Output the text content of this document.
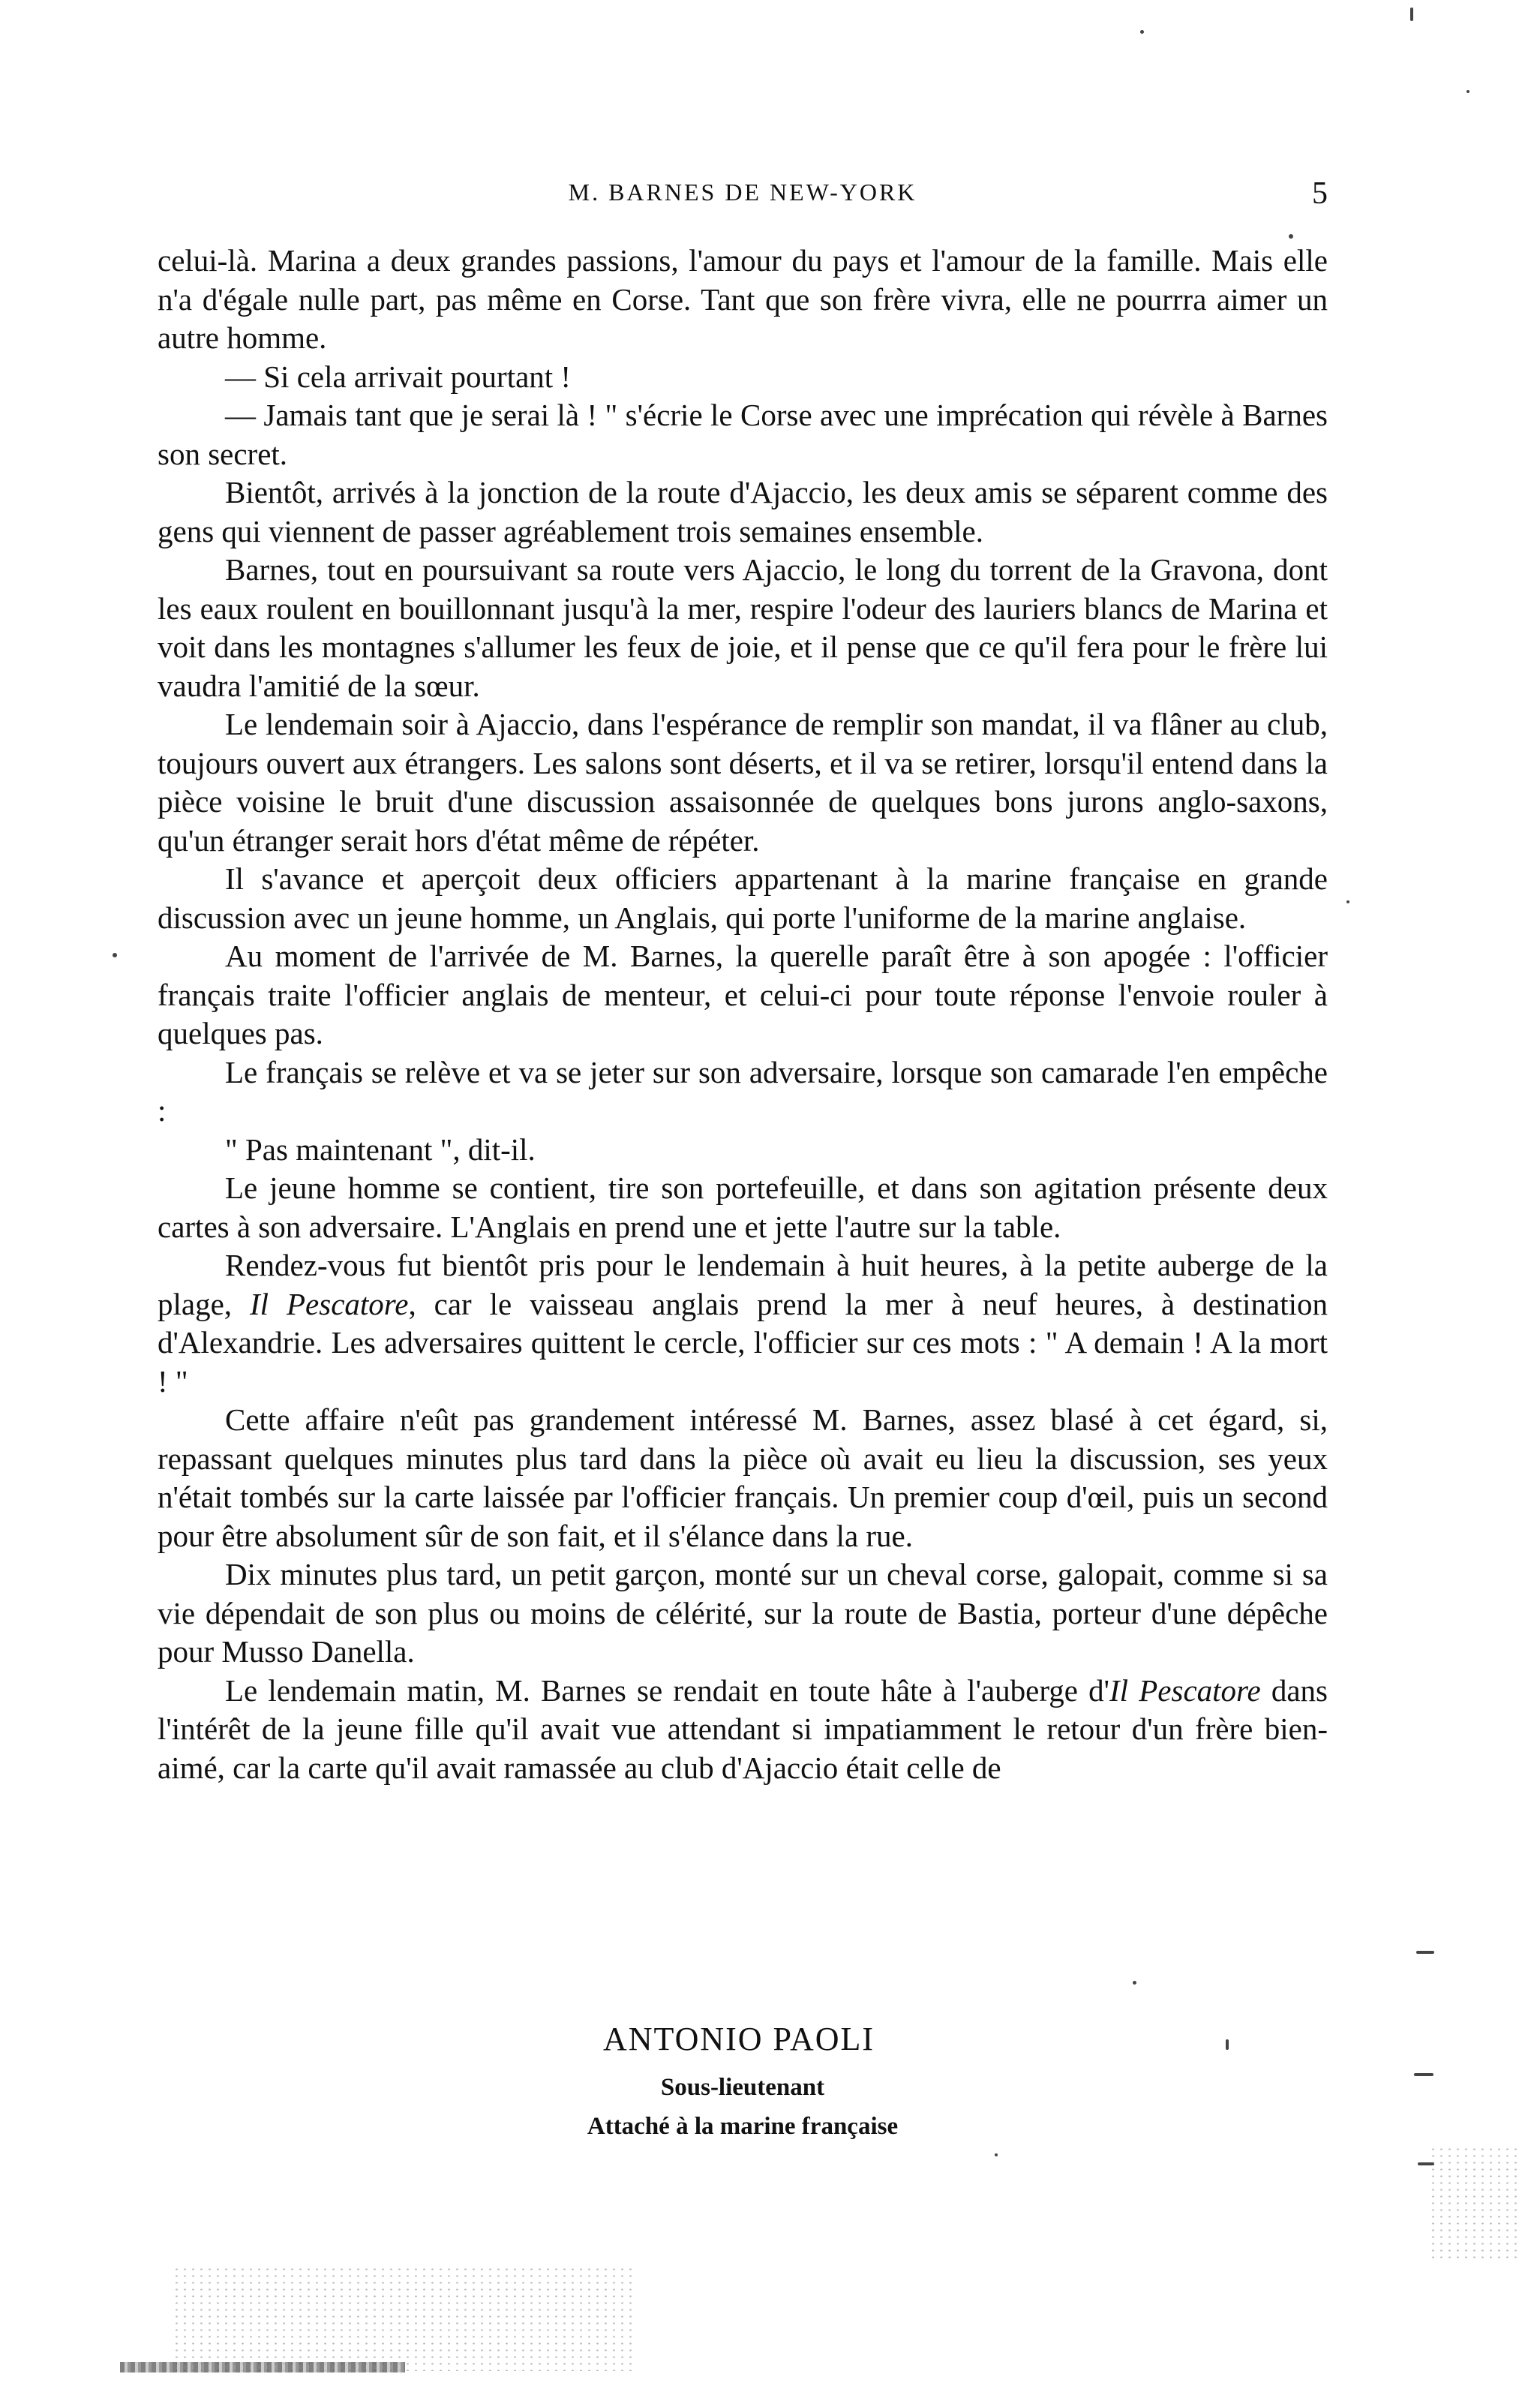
M. BARNES DE NEW-YORK	5

celui-là. Marina a deux grandes passions, l'amour du pays et l'amour de la famille. Mais elle n'a d'égale nulle part, pas même en Corse. Tant que son frère vivra, elle ne pourrra aimer un autre homme.

— Si cela arrivait pourtant !

— Jamais tant que je serai là ! " s'écrie le Corse avec une imprécation qui révèle à Barnes son secret.

Bientôt, arrivés à la jonction de la route d'Ajaccio, les deux amis se séparent comme des gens qui viennent de passer agréablement trois semaines ensemble.

Barnes, tout en poursuivant sa route vers Ajaccio, le long du torrent de la Gravona, dont les eaux roulent en bouillonnant jusqu'à la mer, respire l'odeur des lauriers blancs de Marina et voit dans les montagnes s'allumer les feux de joie, et il pense que ce qu'il fera pour le frère lui vaudra l'amitié de la sœur.

Le lendemain soir à Ajaccio, dans l'espérance de remplir son mandat, il va flâner au club, toujours ouvert aux étrangers. Les salons sont déserts, et il va se retirer, lorsqu'il entend dans la pièce voisine le bruit d'une discussion assaisonnée de quelques bons jurons anglo-saxons, qu'un étranger serait hors d'état même de répéter.

Il s'avance et aperçoit deux officiers appartenant à la marine française en grande discussion avec un jeune homme, un Anglais, qui porte l'uniforme de la marine anglaise.

Au moment de l'arrivée de M. Barnes, la querelle paraît être à son apogée : l'officier français traite l'officier anglais de menteur, et celui-ci pour toute réponse l'envoie rouler à quelques pas.

Le français se relève et va se jeter sur son adversaire, lorsque son camarade l'en empêche :

" Pas maintenant ", dit-il.

Le jeune homme se contient, tire son portefeuille, et dans son agitation présente deux cartes à son adversaire. L'Anglais en prend une et jette l'autre sur la table.

Rendez-vous fut bientôt pris pour le lendemain à huit heures, à la petite auberge de la plage, Il Pescatore, car le vaisseau anglais prend la mer à neuf heures, à destination d'Alexandrie. Les adversaires quittent le cercle, l'officier sur ces mots : " A demain ! A la mort ! "

Cette affaire n'eût pas grandement intéressé M. Barnes, assez blasé à cet égard, si, repassant quelques minutes plus tard dans la pièce où avait eu lieu la discussion, ses yeux n'était tombés sur la carte laissée par l'officier français. Un premier coup d'œil, puis un second pour être absolument sûr de son fait, et il s'élance dans la rue.

Dix minutes plus tard, un petit garçon, monté sur un cheval corse, galopait, comme si sa vie dépendait de son plus ou moins de célérité, sur la route de Bastia, porteur d'une dépêche pour Musso Danella.

Le lendemain matin, M. Barnes se rendait en toute hâte à l'auberge d'Il Pescatore dans l'intérêt de la jeune fille qu'il avait vue attendant si impatiamment le retour d'un frère bien-aimé, car la carte qu'il avait ramassée au club d'Ajaccio était celle de

ANTONIO PAOLI
Sous-lieutenant
Attaché à la marine française
